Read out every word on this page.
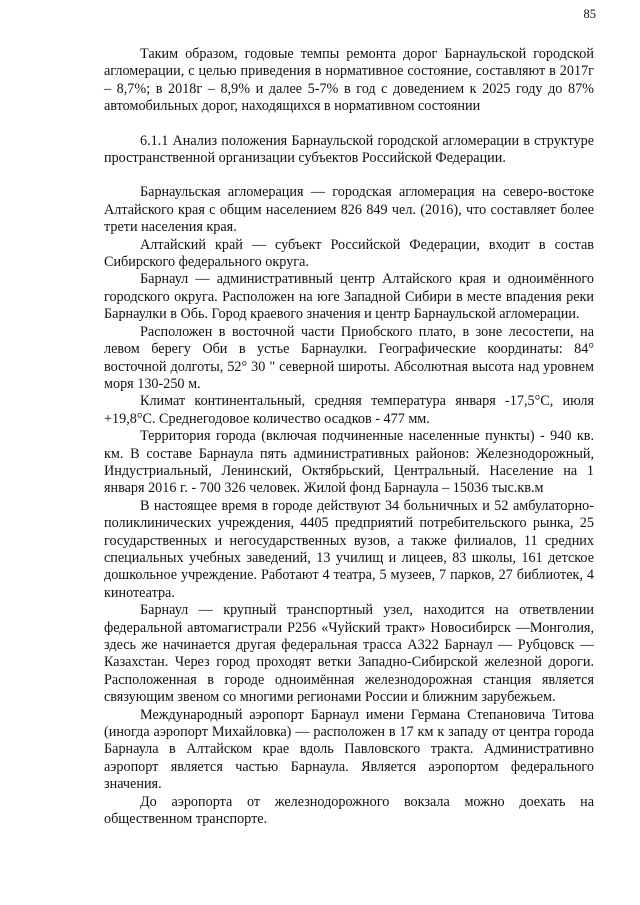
85

Таким образом, годовые темпы ремонта дорог Барнаульской городской агломерации, с целью приведения в нормативное состояние, составляют в 2017г – 8,7%; в 2018г – 8,9% и далее 5-7% в год с доведением к 2025 году до 87% автомобильных дорог, находящихся в нормативном состоянии

6.1.1 Анализ положения Барнаульской городской агломерации в структуре пространственной организации субъектов Российской Федерации.

Барнаульская агломерация — городская агломерация на северо-востоке Алтайского края с общим населением 826 849 чел. (2016), что составляет более трети населения края.

Алтайский край — субъект Российской Федерации, входит в состав Сибирского федерального округа.

Барнаул — административный центр Алтайского края и одноимённого городского округа. Расположен на юге Западной Сибири в месте впадения реки Барнаулки в Обь. Город краевого значения и центр Барнаульской агломерации.

Расположен в восточной части Приобского плато, в зоне лесостепи, на левом берегу Оби в устье Барнаулки. Географические координаты: 84° восточной долготы, 52° 30 " северной широты. Абсолютная высота над уровнем моря 130-250 м.

Климат континентальный, средняя температура января -17,5°С, июля +19,8°С. Среднегодовое количество осадков - 477 мм.

Территория города (включая подчиненные населенные пункты) - 940 кв. км. В составе Барнаула пять административных районов: Железнодорожный, Индустриальный, Ленинский, Октябрьский, Центральный. Население на 1 января 2016 г. - 700 326 человек. Жилой фонд Барнаула – 15036 тыс.кв.м

В настоящее время в городе действуют 34 больничных и 52 амбулаторно-поликлинических учреждения, 4405 предприятий потребительского рынка, 25 государственных и негосударственных вузов, а также филиалов, 11 средних специальных учебных заведений, 13 училищ и лицеев, 83 школы, 161 детское дошкольное учреждение. Работают 4 театра, 5 музеев, 7 парков, 27 библиотек, 4 кинотеатра.

Барнаул — крупный транспортный узел, находится на ответвлении федеральной автомагистрали Р256 «Чуйский тракт» Новосибирск —Монголия, здесь же начинается другая федеральная трасса А322 Барнаул — Рубцовск — Казахстан. Через город проходят ветки Западно-Сибирской железной дороги. Расположенная в городе одноимённая железнодорожная станция является связующим звеном со многими регионами России и ближним зарубежьем.

Международный аэропорт Барнаул имени Германа Степановича Титова (иногда аэропорт Михайловка) — расположен в 17 км к западу от центра города Барнаула в Алтайском крае вдоль Павловского тракта. Административно аэропорт является частью Барнаула. Является аэропортом федерального значения.

До аэропорта от железнодорожного вокзала можно доехать на общественном транспорте.
